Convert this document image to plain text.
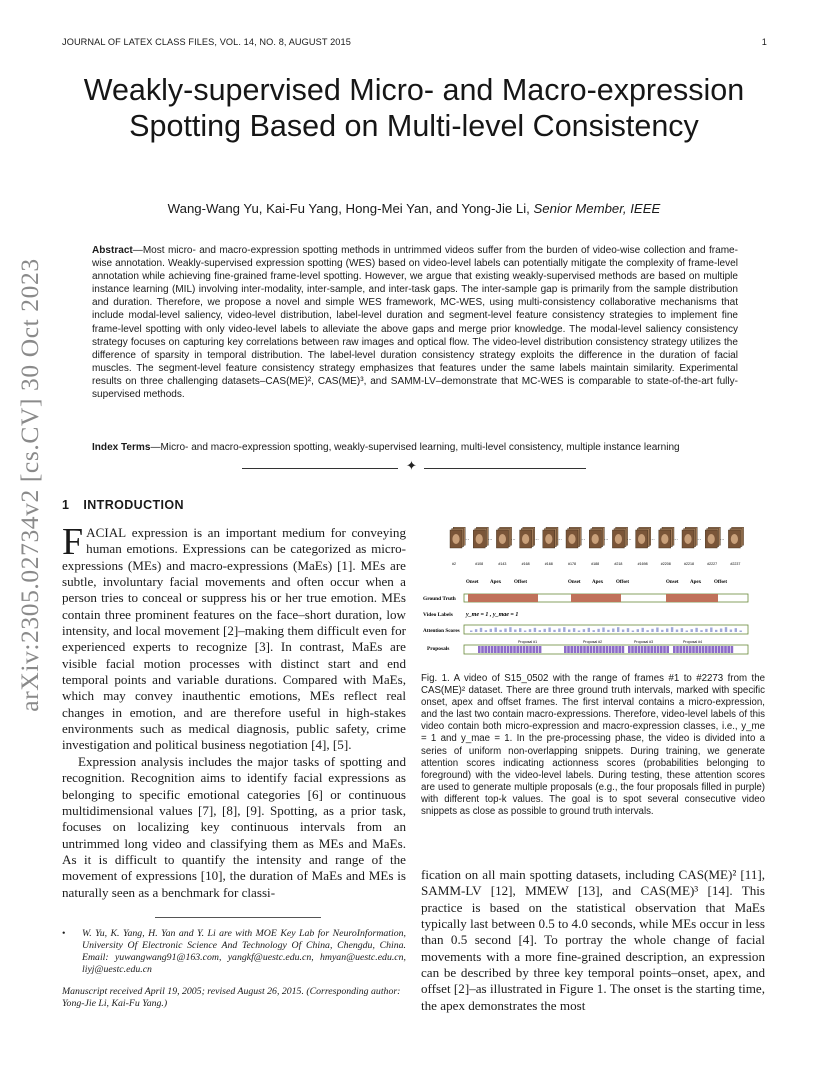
JOURNAL OF LATEX CLASS FILES, VOL. 14, NO. 8, AUGUST 2015	1
Weakly-supervised Micro- and Macro-expression Spotting Based on Multi-level Consistency
Wang-Wang Yu, Kai-Fu Yang, Hong-Mei Yan, and Yong-Jie Li, Senior Member, IEEE
arXiv:2305.02734v2 [cs.CV] 30 Oct 2023
Abstract—Most micro- and macro-expression spotting methods in untrimmed videos suffer from the burden of video-wise collection and frame-wise annotation. Weakly-supervised expression spotting (WES) based on video-level labels can potentially mitigate the complexity of frame-level annotation while achieving fine-grained frame-level spotting. However, we argue that existing weakly-supervised methods are based on multiple instance learning (MIL) involving inter-modality, inter-sample, and inter-task gaps. The inter-sample gap is primarily from the sample distribution and duration. Therefore, we propose a novel and simple WES framework, MC-WES, using multi-consistency collaborative mechanisms that include modal-level saliency, video-level distribution, label-level duration and segment-level feature consistency strategies to implement fine frame-level spotting with only video-level labels to alleviate the above gaps and merge prior knowledge. The modal-level saliency consistency strategy focuses on capturing key correlations between raw images and optical flow. The video-level distribution consistency strategy utilizes the difference of sparsity in temporal distribution. The label-level duration consistency strategy exploits the difference in the duration of facial muscles. The segment-level feature consistency strategy emphasizes that features under the same labels maintain similarity. Experimental results on three challenging datasets–CAS(ME)², CAS(ME)³, and SAMM-LV–demonstrate that MC-WES is comparable to state-of-the-art fully-supervised methods.
Index Terms—Micro- and macro-expression spotting, weakly-supervised learning, multi-level consistency, multiple instance learning
✦
1 INTRODUCTION

FACIAL expression is an important medium for conveying human emotions. Expressions can be categorized as micro-expressions (MEs) and macro-expressions (MaEs) [1]. MEs are subtle, involuntary facial movements and often occur when a person tries to conceal or suppress his or her true emotion. MEs contain three prominent features on the face–short duration, low intensity, and local movement [2]–making them difficult even for experienced experts to recognize [3]. In contrast, MaEs are visible facial motion processes with distinct start and end temporal points and variable durations. Compared with MaEs, which may convey inauthentic emotions, MEs reflect real changes in emotion, and are therefore useful in high-stakes environments such as medical diagnosis, public safety, crime investigation and political business negotiation [4], [5].

Expression analysis includes the major tasks of spotting and recognition. Recognition aims to identify facial expressions as belonging to specific emotional categories [6] or continuous multidimensional values [7], [8], [9]. Spotting, as a prior task, focuses on localizing key continuous intervals from an untrimmed long video and classifying them as MEs and MaEs. As it is difficult to quantify the intensity and range of the movement of expressions [10], the duration of MaEs and MEs is naturally seen as a benchmark for classi-

• W. Yu, K. Yang, H. Yan and Y. Li are with MOE Key Lab for NeuroInformation, University Of Electronic Science And Technology Of China, Chengdu, China. Email: yuwangwang91@163.com, yangkf@uestc.edu.cn, hmyan@uestc.edu.cn, liyj@uestc.edu.cn
Manuscript received April 19, 2005; revised August 26, 2015. (Corresponding author: Yong-Jie Li, Kai-Fu Yang.)
⋯	⋯	⋯	⋯	⋯	⋯	⋯	⋯	⋯	⋯	⋯	⋯
#2	#108	#143	#168	#168	#178	#188	#218	#1698	#2208	#2218	#2227	#2237
Onset Apex	Offset	Onset Apex	Offset	Onset Apex	Offset
Ground Truth
Video Labels
Attention Scores
Proposals
y_me = 1 , y_mae = 1
Proposal #1	Proposal #2	Proposal #3	Proposal #4
Fig. 1. A video of S15_0502 with the range of frames #1 to #2273 from the CAS(ME)² dataset. There are three ground truth intervals, marked with specific onset, apex and offset frames. The first interval contains a micro-expression, and the last two contain macro-expressions. Therefore, video-level labels of this video contain both micro-expression and macro-expression classes, i.e., y_me = 1 and y_mae = 1. In the pre-processing phase, the video is divided into a series of uniform non-overlapping snippets. During training, we generate attention scores indicating actionness scores (probabilities belonging to foreground) with the video-level labels. During testing, these attention scores are used to generate multiple proposals (e.g., the four proposals filled in purple) with different top-k values. The goal is to spot several consecutive video snippets as close as possible to ground truth intervals.

fication on all main spotting datasets, including CAS(ME)² [11], SAMM-LV [12], MMEW [13], and CAS(ME)³ [14]. This practice is based on the statistical observation that MaEs typically last between 0.5 to 4.0 seconds, while MEs occur in less than 0.5 second [4]. To portray the whole change of facial movements with a more fine-grained description, an expression can be described by three key temporal points–onset, apex, and offset [2]–as illustrated in Figure 1. The onset is the starting time, the apex demonstrates the most
